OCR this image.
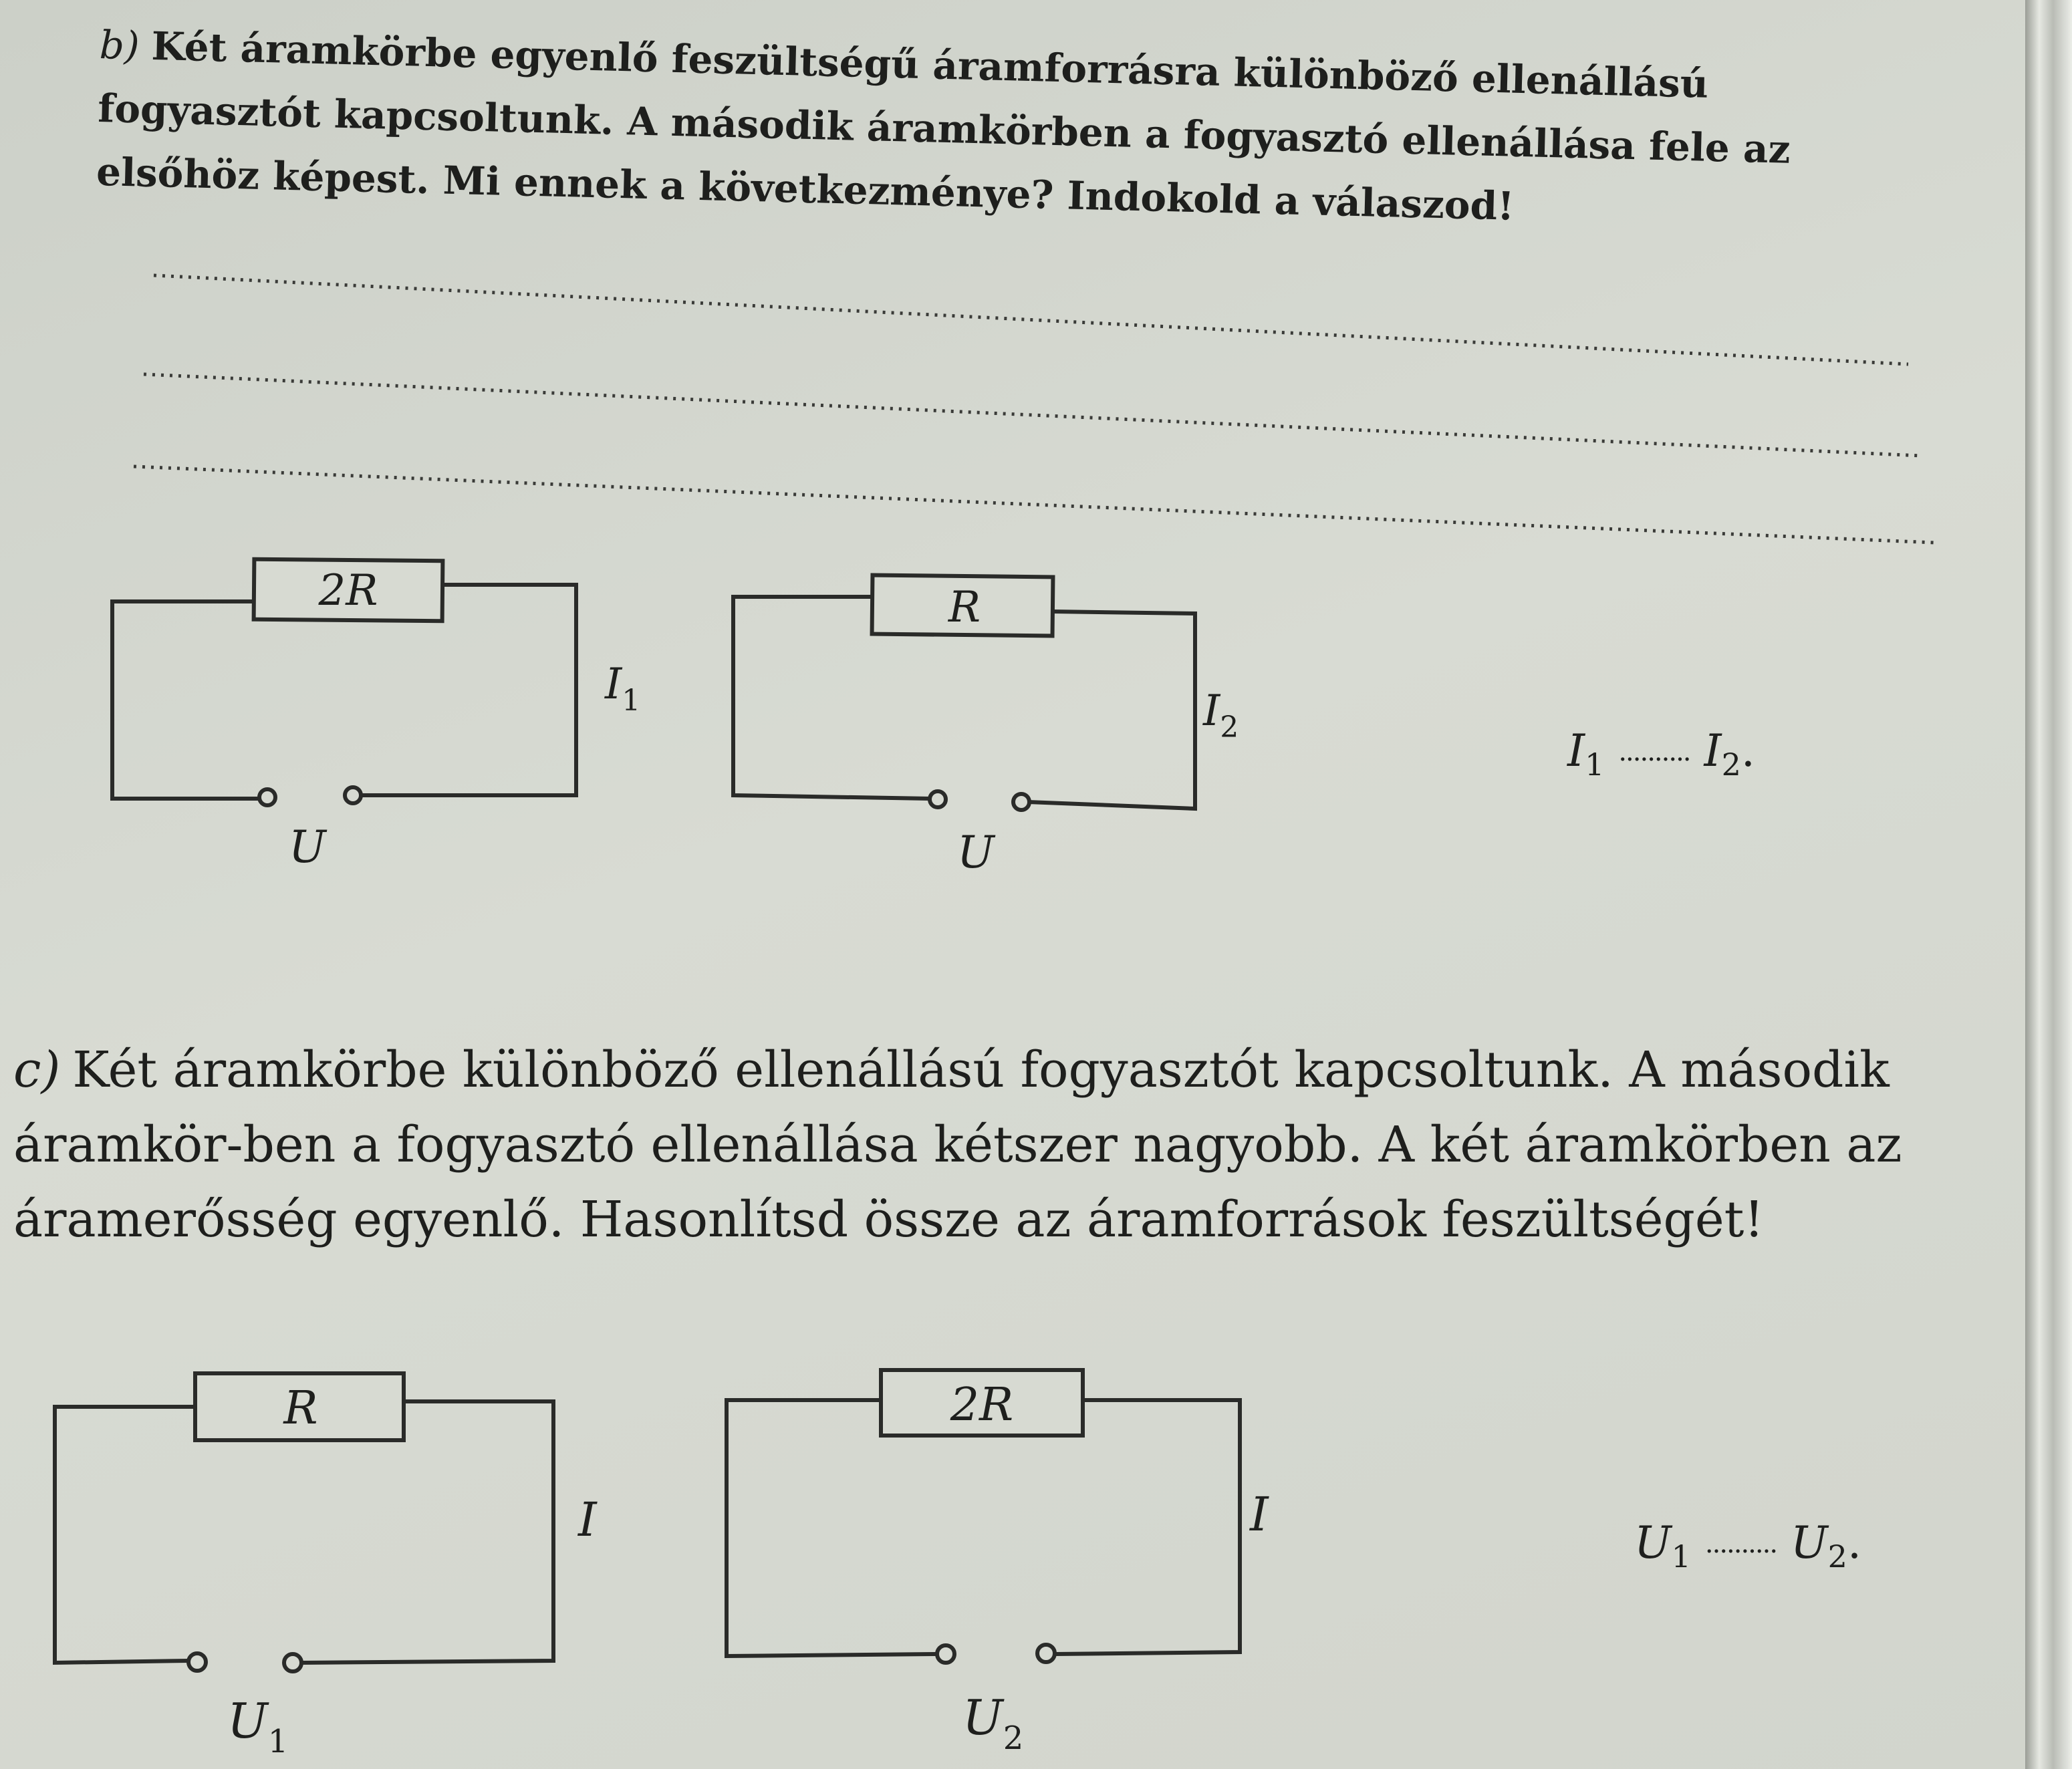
b) Két áramkörbe egyenlő feszültségű áramforrásra különböző ellenállású fogyasztót kapcsoltunk. A második áramkörben a fogyasztó ellenállása fele az elsőhöz képest. Mi ennek a következménye? Indokold a válaszod!

2R
$I_1$
U
R
$I_2$
U
R
I
$U_1$
2R
I
$U_2$
$I_1$ .......... $I_2$.

c) Két áramkörbe különböző ellenállású fogyasztót kapcsoltunk. A második áramkör-ben a fogyasztó ellenállása kétszer nagyobb. A két áramkörben az áramerősség egyenlő. Hasonlítsd össze az áramforrások feszültségét!

$U_1$ .......... $U_2$.
